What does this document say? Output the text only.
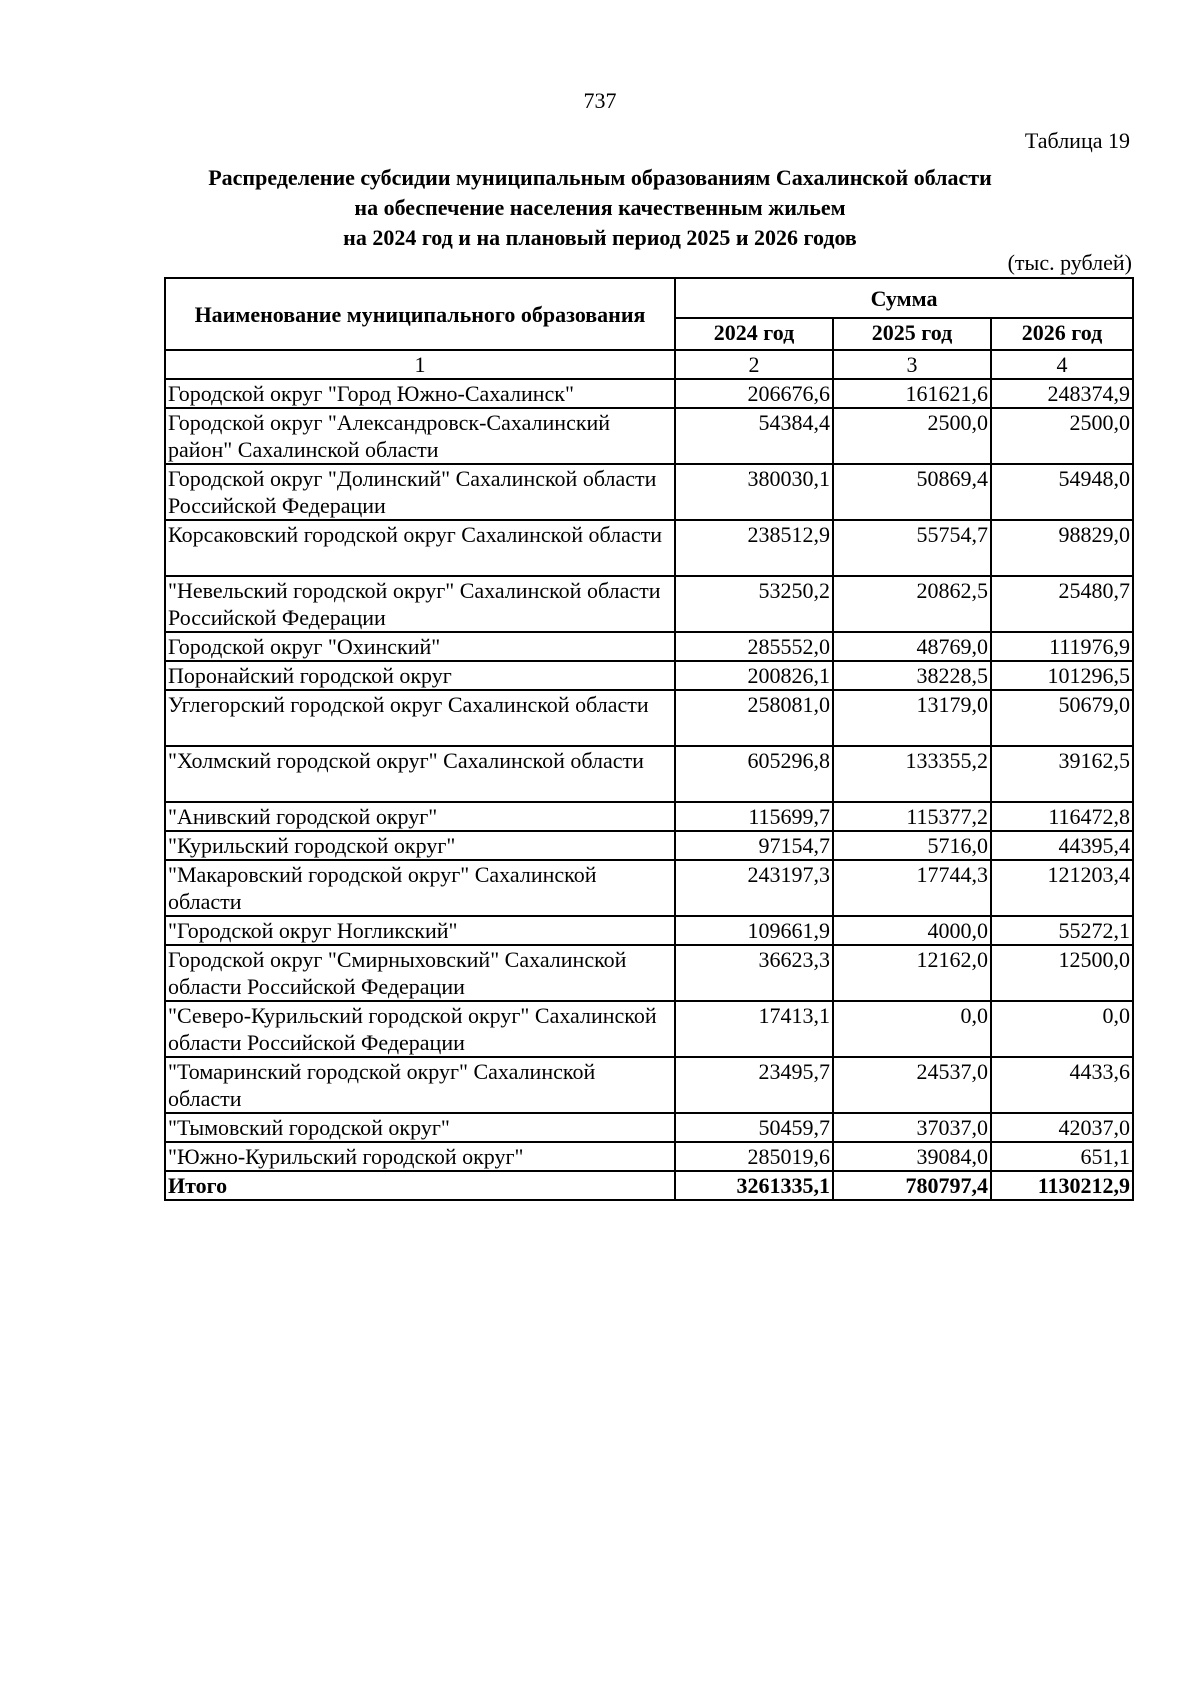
737
Таблица 19
Распределение субсидии муниципальным образованиям Сахалинской области
на обеспечение населения качественным жильем
на 2024 год и на плановый период 2025 и 2026 годов
(тыс. рублей)
Наименование муниципального образования	Сумма		
	2024 год	2025 год	2026 год
1	2	3	4
Городской округ "Город Южно-Сахалинск"	206676,6	161621,6	248374,9
Городской округ "Александровск-Сахалинский район" Сахалинской области	54384,4	2500,0	2500,0
Городской округ "Долинский" Сахалинской области Российской Федерации	380030,1	50869,4	54948,0
Корсаковский городской округ Сахалинской области	238512,9	55754,7	98829,0
"Невельский городской округ" Сахалинской области Российской Федерации	53250,2	20862,5	25480,7
Городской округ "Охинский"	285552,0	48769,0	111976,9
Поронайский городской округ	200826,1	38228,5	101296,5
Углегорский городской округ Сахалинской области	258081,0	13179,0	50679,0
"Холмский городской округ" Сахалинской области	605296,8	133355,2	39162,5
"Анивский городской округ"	115699,7	115377,2	116472,8
"Курильский городской округ"	97154,7	5716,0	44395,4
"Макаровский городской округ" Сахалинской области	243197,3	17744,3	121203,4
"Городской округ Ногликский"	109661,9	4000,0	55272,1
Городской округ "Смирныховский" Сахалинской области Российской Федерации	36623,3	12162,0	12500,0
"Северо-Курильский городской округ" Сахалинской области Российской Федерации	17413,1	0,0	0,0
"Томаринский городской округ" Сахалинской области	23495,7	24537,0	4433,6
"Тымовский городской округ"	50459,7	37037,0	42037,0
"Южно-Курильский городской округ"	285019,6	39084,0	651,1
Итого	3261335,1	780797,4	1130212,9
